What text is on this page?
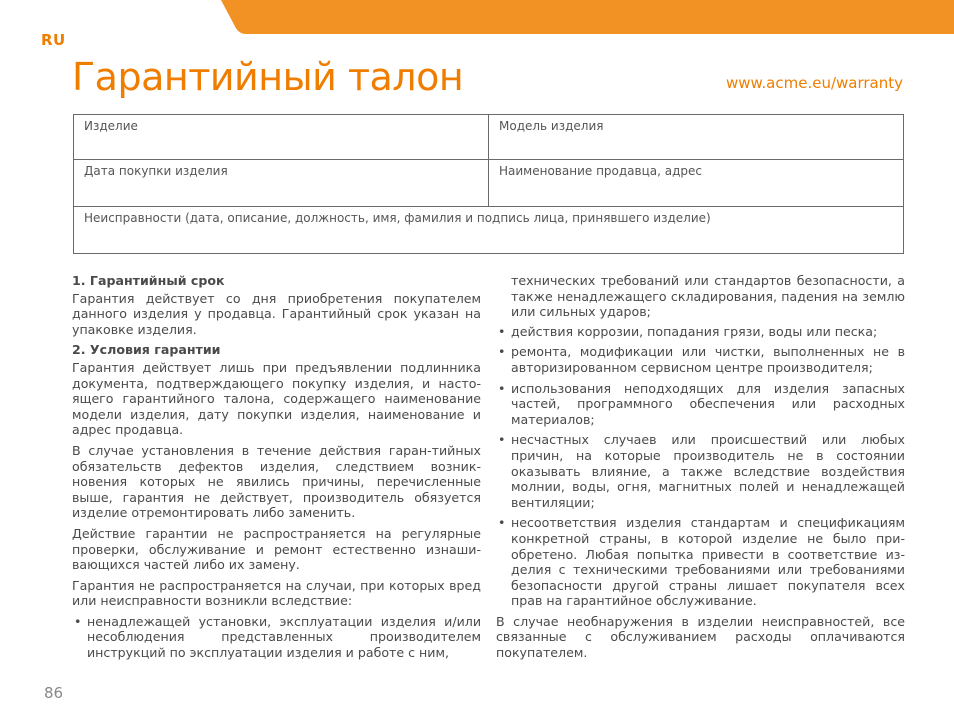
RU
Гарантийный талон	www.acme.eu/warranty
Изделие	Модель изделия
Дата покупки изделия	Наименование продавца, адрес
Неисправности (дата, описание, должность, имя, фамилия и подпись лица, принявшего изделие)
1. Гарантийный срок

Гарантия действует со дня приобретения покупателем данного изделия у продавца. Гарантийный срок указан на упаковке изделия.

2. Условия гарантии

Гарантия действует лишь при предъявлении подлинника документа, подтверждающего покупку изделия, и насто-ящего гарантийного талона, содержащего наименование модели изделия, дату покупки изделия, наименование и адрес продавца.

В случае установления в течение действия гаран-тийных обязательств дефектов изделия, следствием возник-новения которых не явились причины, перечисленные выше, гарантия не действует, производитель обязуется изделие отремонтировать либо заменить.

Действие гарантии не распространяется на регулярные проверки, обслуживание и ремонт естественно изнаши-вающихся частей либо их замену.

Гарантия не распространяется на случаи, при которых вред или неисправности возникли вследствие:

• ненадлежащей установки, эксплуатации изделия и/или несоблюдения представленных производителем инструкций по эксплуатации изделия и работе с ним,
технических требований или стандартов безопасности, а также ненадлежащего складирования, падения на землю или сильных ударов;
• действия коррозии, попадания грязи, воды или песка;
• ремонта, модификации или чистки, выполненных не в авторизированном сервисном центре производителя;
• использования неподходящих для изделия запасных частей, программного обеспечения или расходных материалов;
• несчастных случаев или происшествий или любых причин, на которые производитель не в состоянии оказывать влияние, а также вследствие воздействия молнии, воды, огня, магнитных полей и ненадлежащей вентиляции;
• несоответствия изделия стандартам и спецификациям конкретной страны, в которой изделие не было при-обретено. Любая попытка привести в соответствие из-делия с техническими требованиями или требованиями безопасности другой страны лишает покупателя всех прав на гарантийное обслуживание.

В случае необнаружения в изделии неисправностей, все связанные с обслуживанием расходы оплачиваются покупателем.

86
